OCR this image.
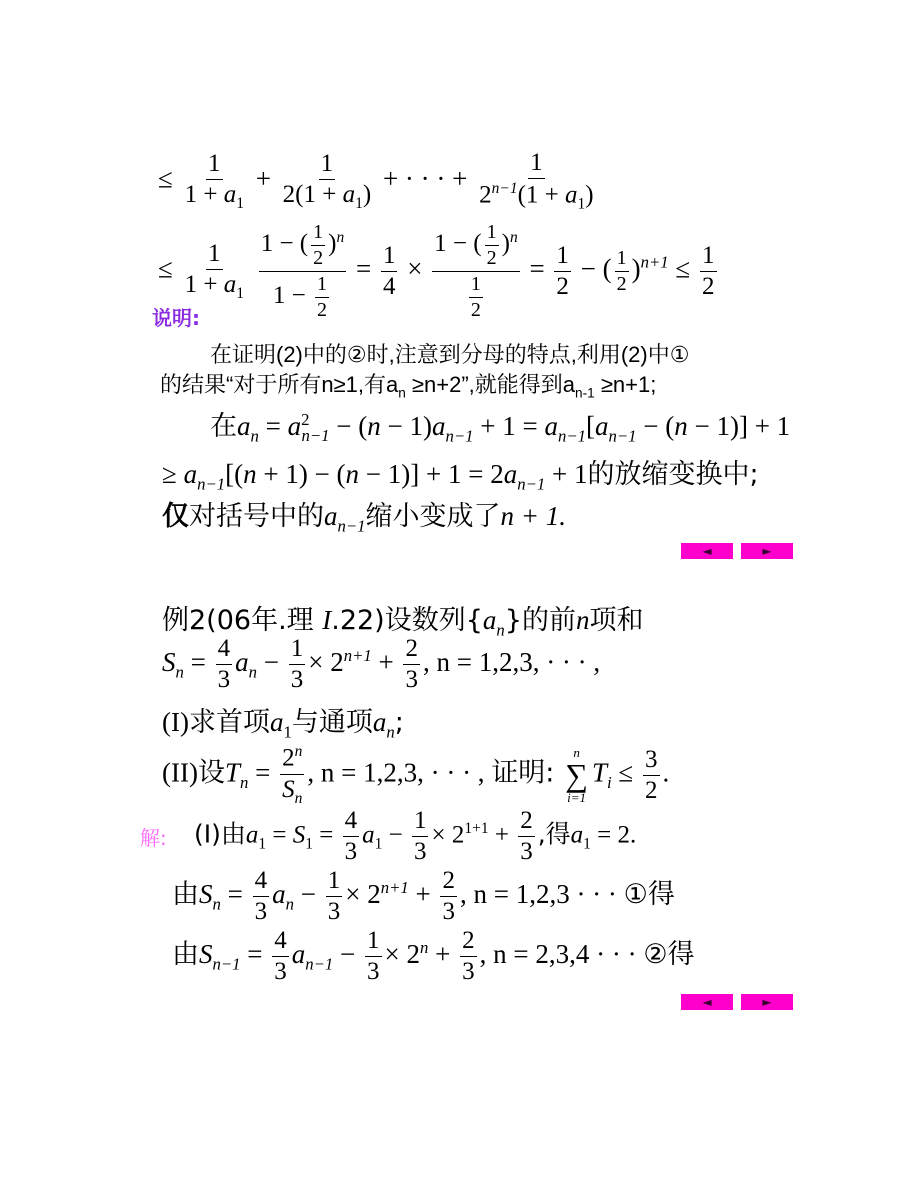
≤ $\frac{1}{1 + a_1} + \frac{1}{2(1 + a_1)}$ + · · · + $\frac{1}{2^{n-1}(1 + a_1)}$
≤ $\frac{1}{1 + a_1}$
$\frac{1 - ( \frac{1}{2} )^n}{1 - \frac{1}{2}} = \frac{1}{4} \times \frac{1 - ( \frac{1}{2} )^n}{\frac{1}{2}} = \frac{1}{2}$ − ( $\frac{1}{2} )^{n+1} \le \frac{1}{2}$
说明:
在证明(2)中的②时,注意到分母的特点,利用(2)中①
的结果“对于所有n≥1,有$a_n \ge n+2$”,就能得到$a_{n-1} \ge n+1$;
在$a_n = a^2_{n-1} - (n - 1)a_{n-1} + 1 = a_{n-1}[a_{n-1} - (n - 1)] + 1$
≥ $a_{n-1}[(n + 1) - (n - 1)] + 1 = 2a_{n-1} + 1$的放缩变换中;
仅对括号中的$a_{n-1}$缩小变成了n + 1.
◄	►
例2(06年.理 I.22)设数列$\{a_n\}$的前n项和
$S_n = \frac{4}{3} a_n - \frac{1}{3} \times 2^{n+1} + \frac{2}{3}$ , n = 1,2,3, · · · ,
(I)求首项$a_1$与通项$a_n$;
(II)设$T_n = \frac{2^n}{S_n}$ , n = 1,2,3, · · · , 证明:
n
∑
i=1
$T_i \le \frac{3}{2}$ .
解: (I)由$a_1 = S_1 = \frac{4}{3} a_1 - \frac{1}{3} \times 2^{1+1} + \frac{2}{3}$ ,得$a_1 = 2$.
由$S_n = \frac{4}{3} a_n - \frac{1}{3} \times 2^{n+1} + \frac{2}{3}$ , n = 1,2,3 · · · ①得
由$S_{n-1} = \frac{4}{3} a_{n-1} - \frac{1}{3} \times 2^n + \frac{2}{3}$ , n = 2,3,4 · · · ②得
◄	►
